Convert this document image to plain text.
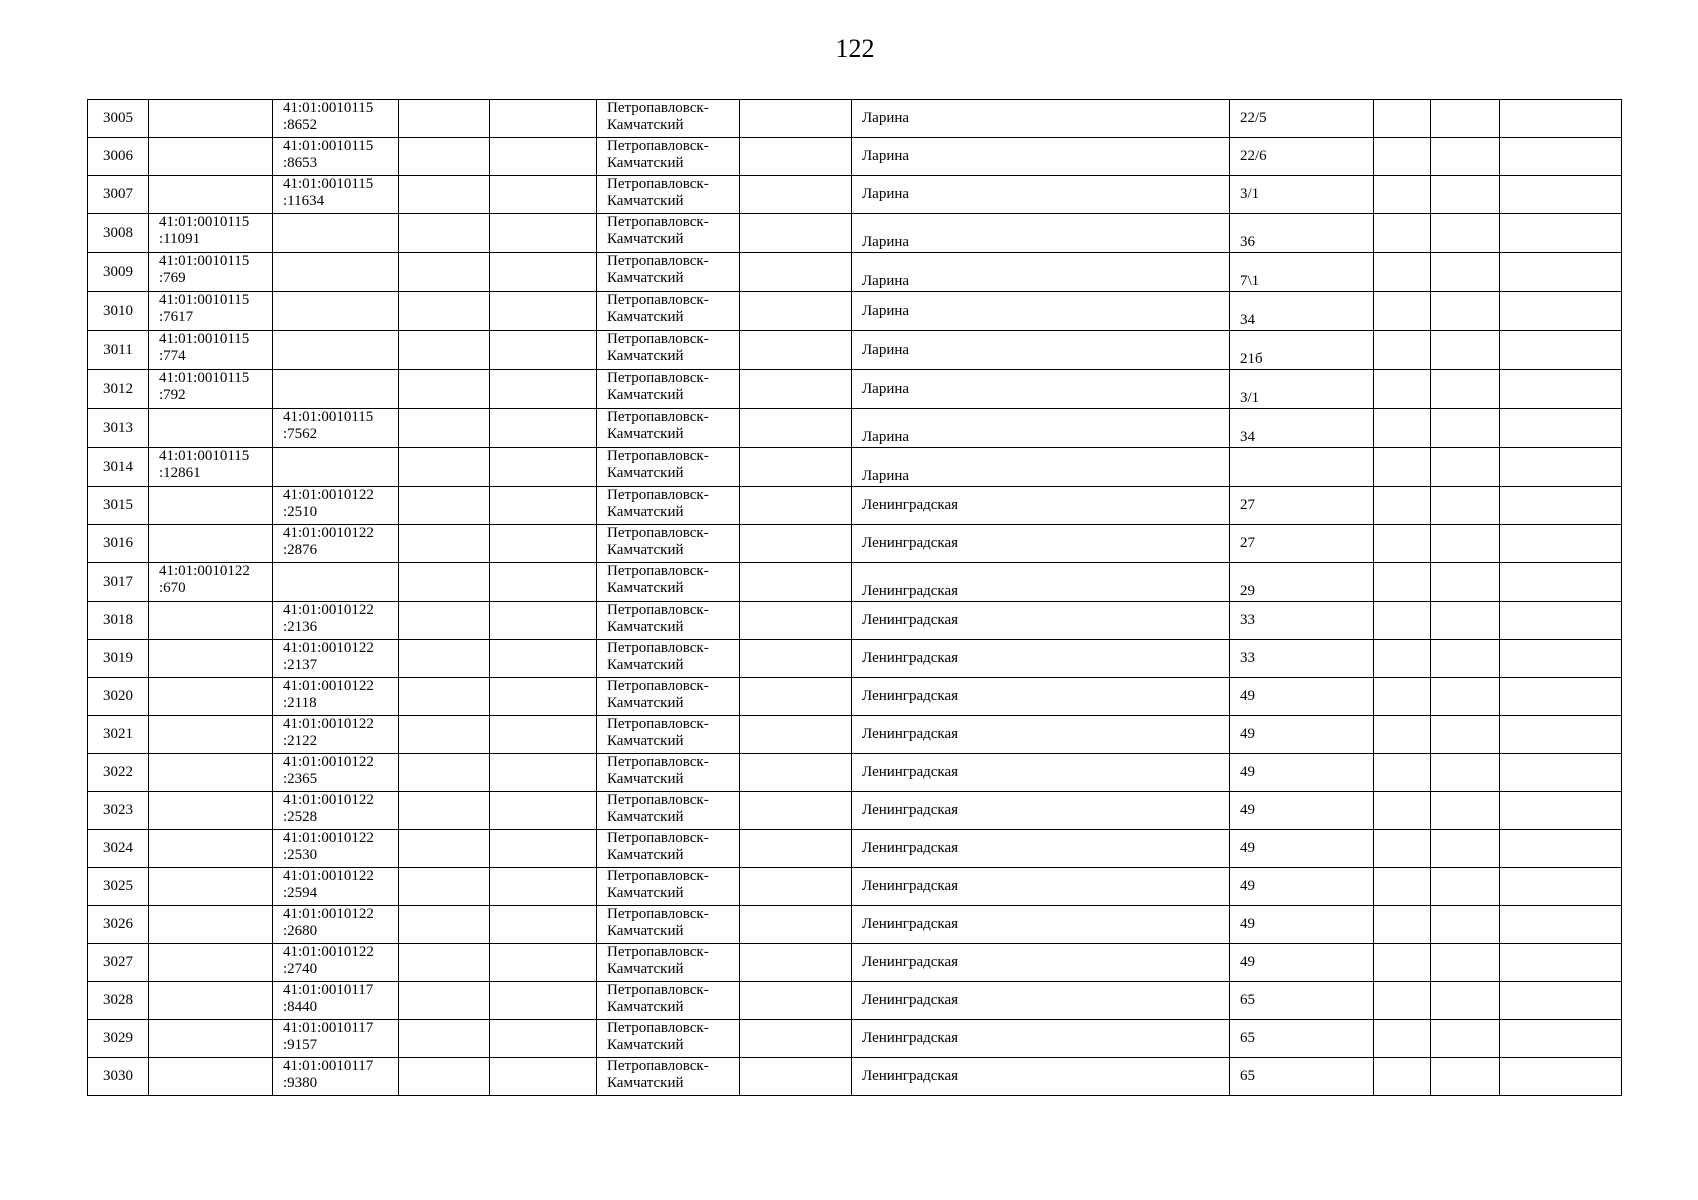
122
3005		41:01:0010115
:8652			Петропавловск-
Камчатский		Ларина	22/5			
3006		41:01:0010115
:8653			Петропавловск-
Камчатский		Ларина	22/6			
3007		41:01:0010115
:11634			Петропавловск-
Камчатский		Ларина	3/1			
3008	41:01:0010115
:11091				Петропавловск-
Камчатский		Ларина	36			
3009	41:01:0010115
:769				Петропавловск-
Камчатский		Ларина	7\1			
3010	41:01:0010115
:7617				Петропавловск-
Камчатский		Ларина	34			
3011	41:01:0010115
:774				Петропавловск-
Камчатский		Ларина	21б			
3012	41:01:0010115
:792				Петропавловск-
Камчатский		Ларина	3/1			
3013		41:01:0010115
:7562			Петропавловск-
Камчатский		Ларина	34			
3014	41:01:0010115
:12861				Петропавловск-
Камчатский		Ларина				
3015		41:01:0010122
:2510			Петропавловск-
Камчатский		Ленинградская	27			
3016		41:01:0010122
:2876			Петропавловск-
Камчатский		Ленинградская	27			
3017	41:01:0010122
:670				Петропавловск-
Камчатский		Ленинградская	29			
3018		41:01:0010122
:2136			Петропавловск-
Камчатский		Ленинградская	33			
3019		41:01:0010122
:2137			Петропавловск-
Камчатский		Ленинградская	33			
3020		41:01:0010122
:2118			Петропавловск-
Камчатский		Ленинградская	49			
3021		41:01:0010122
:2122			Петропавловск-
Камчатский		Ленинградская	49			
3022		41:01:0010122
:2365			Петропавловск-
Камчатский		Ленинградская	49			
3023		41:01:0010122
:2528			Петропавловск-
Камчатский		Ленинградская	49			
3024		41:01:0010122
:2530			Петропавловск-
Камчатский		Ленинградская	49			
3025		41:01:0010122
:2594			Петропавловск-
Камчатский		Ленинградская	49			
3026		41:01:0010122
:2680			Петропавловск-
Камчатский		Ленинградская	49			
3027		41:01:0010122
:2740			Петропавловск-
Камчатский		Ленинградская	49			
3028		41:01:0010117
:8440			Петропавловск-
Камчатский		Ленинградская	65			
3029		41:01:0010117
:9157			Петропавловск-
Камчатский		Ленинградская	65			
3030		41:01:0010117
:9380			Петропавловск-
Камчатский		Ленинградская	65			
